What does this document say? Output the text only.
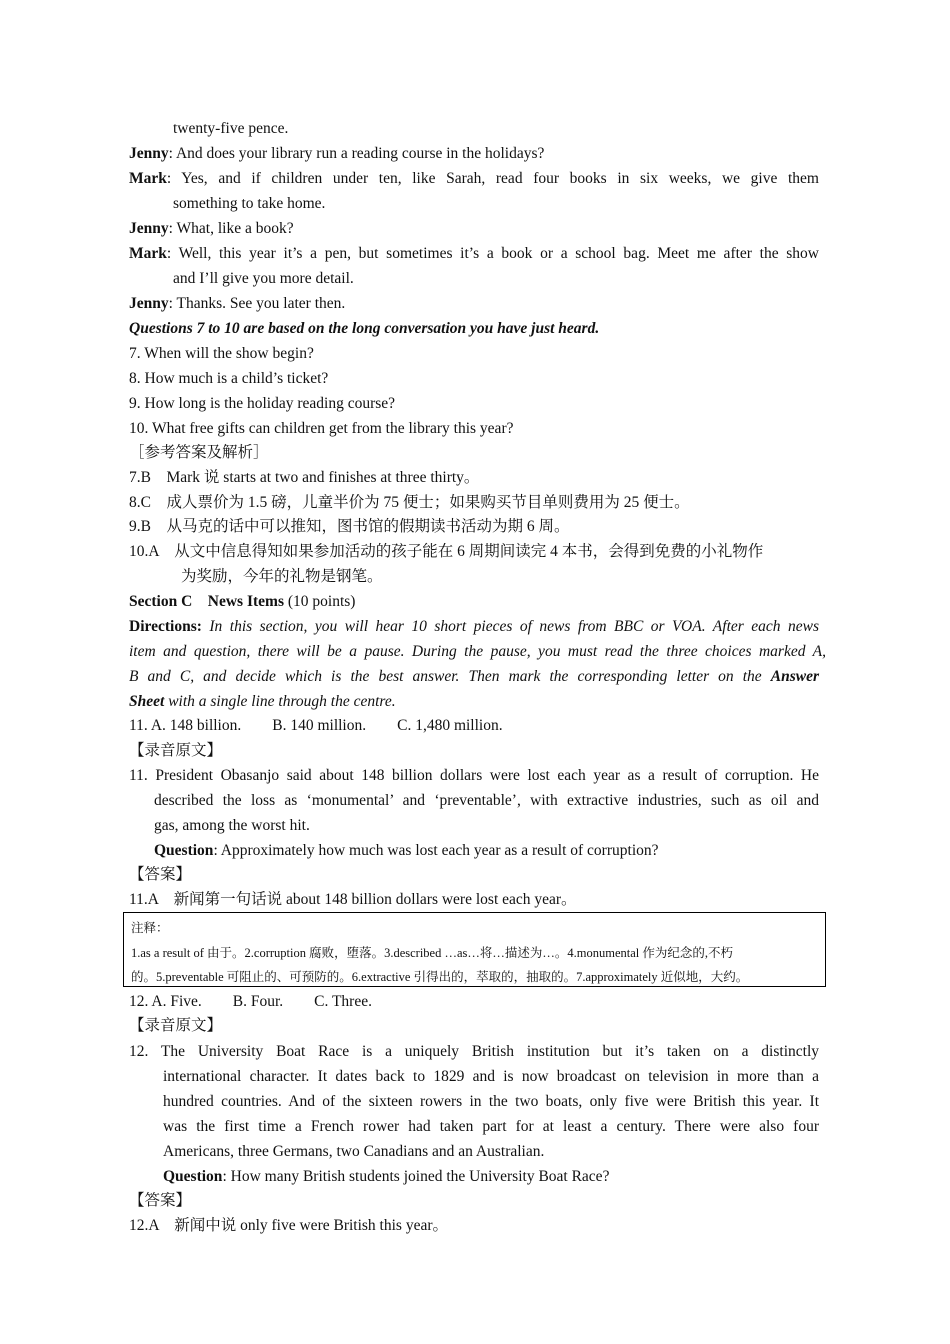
twenty-five pence.
Jenny: And does your library run a reading course in the holidays?
Mark: Yes, and if children under ten, like Sarah, read four books in six weeks, we give them
something to take home.
Jenny: What, like a book?
Mark: Well, this year it’s a pen, but sometimes it’s a book or a school bag. Meet me after the show
and I’ll give you more detail.
Jenny: Thanks. See you later then.
Questions 7 to 10 are based on the long conversation you have just heard.
7. When will the show begin?
8. How much is a child’s ticket?
9. How long is the holiday reading course?
10. What free gifts can children get from the library this year?
［参考答案及解析］
7.B　Mark 说 starts at two and finishes at three thirty。
8.C　成人票价为 1.5 磅，儿童半价为 75 便士；如果购买节目单则费用为 25 便士。
9.B　从马克的话中可以推知，图书馆的假期读书活动为期 6 周。
10.A　从文中信息得知如果参加活动的孩子能在 6 周期间读完 4 本书，会得到免费的小礼物作
为奖励，今年的礼物是钢笔。
Section C　News Items (10 points)
Directions: In this section, you will hear 10 short pieces of news from BBC or VOA. After each news
item and question, there will be a pause. During the pause, you must read the three choices marked A,
B and C, and decide which is the best answer. Then mark the corresponding letter on the Answer
Sheet with a single line through the centre.
11. A. 148 billion.　　B. 140 million.　　C. 1,480 million.
【录音原文】
11. President Obasanjo said about 148 billion dollars were lost each year as a result of corruption. He
described the loss as ‘monumental’ and ‘preventable’, with extractive industries, such as oil and
gas, among the worst hit.
Question: Approximately how much was lost each year as a result of corruption?
【答案】
11.A　新闻第一句话说 about 148 billion dollars were lost each year。
注释：
1.as a result of 由于。2.corruption 腐败，堕落。3.described …as…将…描述为…。4.monumental 作为纪念的,不朽
的。5.preventable 可阻止的、可预防的。6.extractive 引得出的，萃取的，抽取的。7.approximately 近似地，大约。
12. A. Five.　　B. Four.　　C. Three.
【录音原文】
12. The University Boat Race is a uniquely British institution but it’s taken on a distinctly
international character. It dates back to 1829 and is now broadcast on television in more than a
hundred countries. And of the sixteen rowers in the two boats, only five were British this year. It
was the first time a French rower had taken part for at least a century. There were also four
Americans, three Germans, two Canadians and an Australian.
Question: How many British students joined the University Boat Race?
【答案】
12.A　新闻中说 only five were British this year。
